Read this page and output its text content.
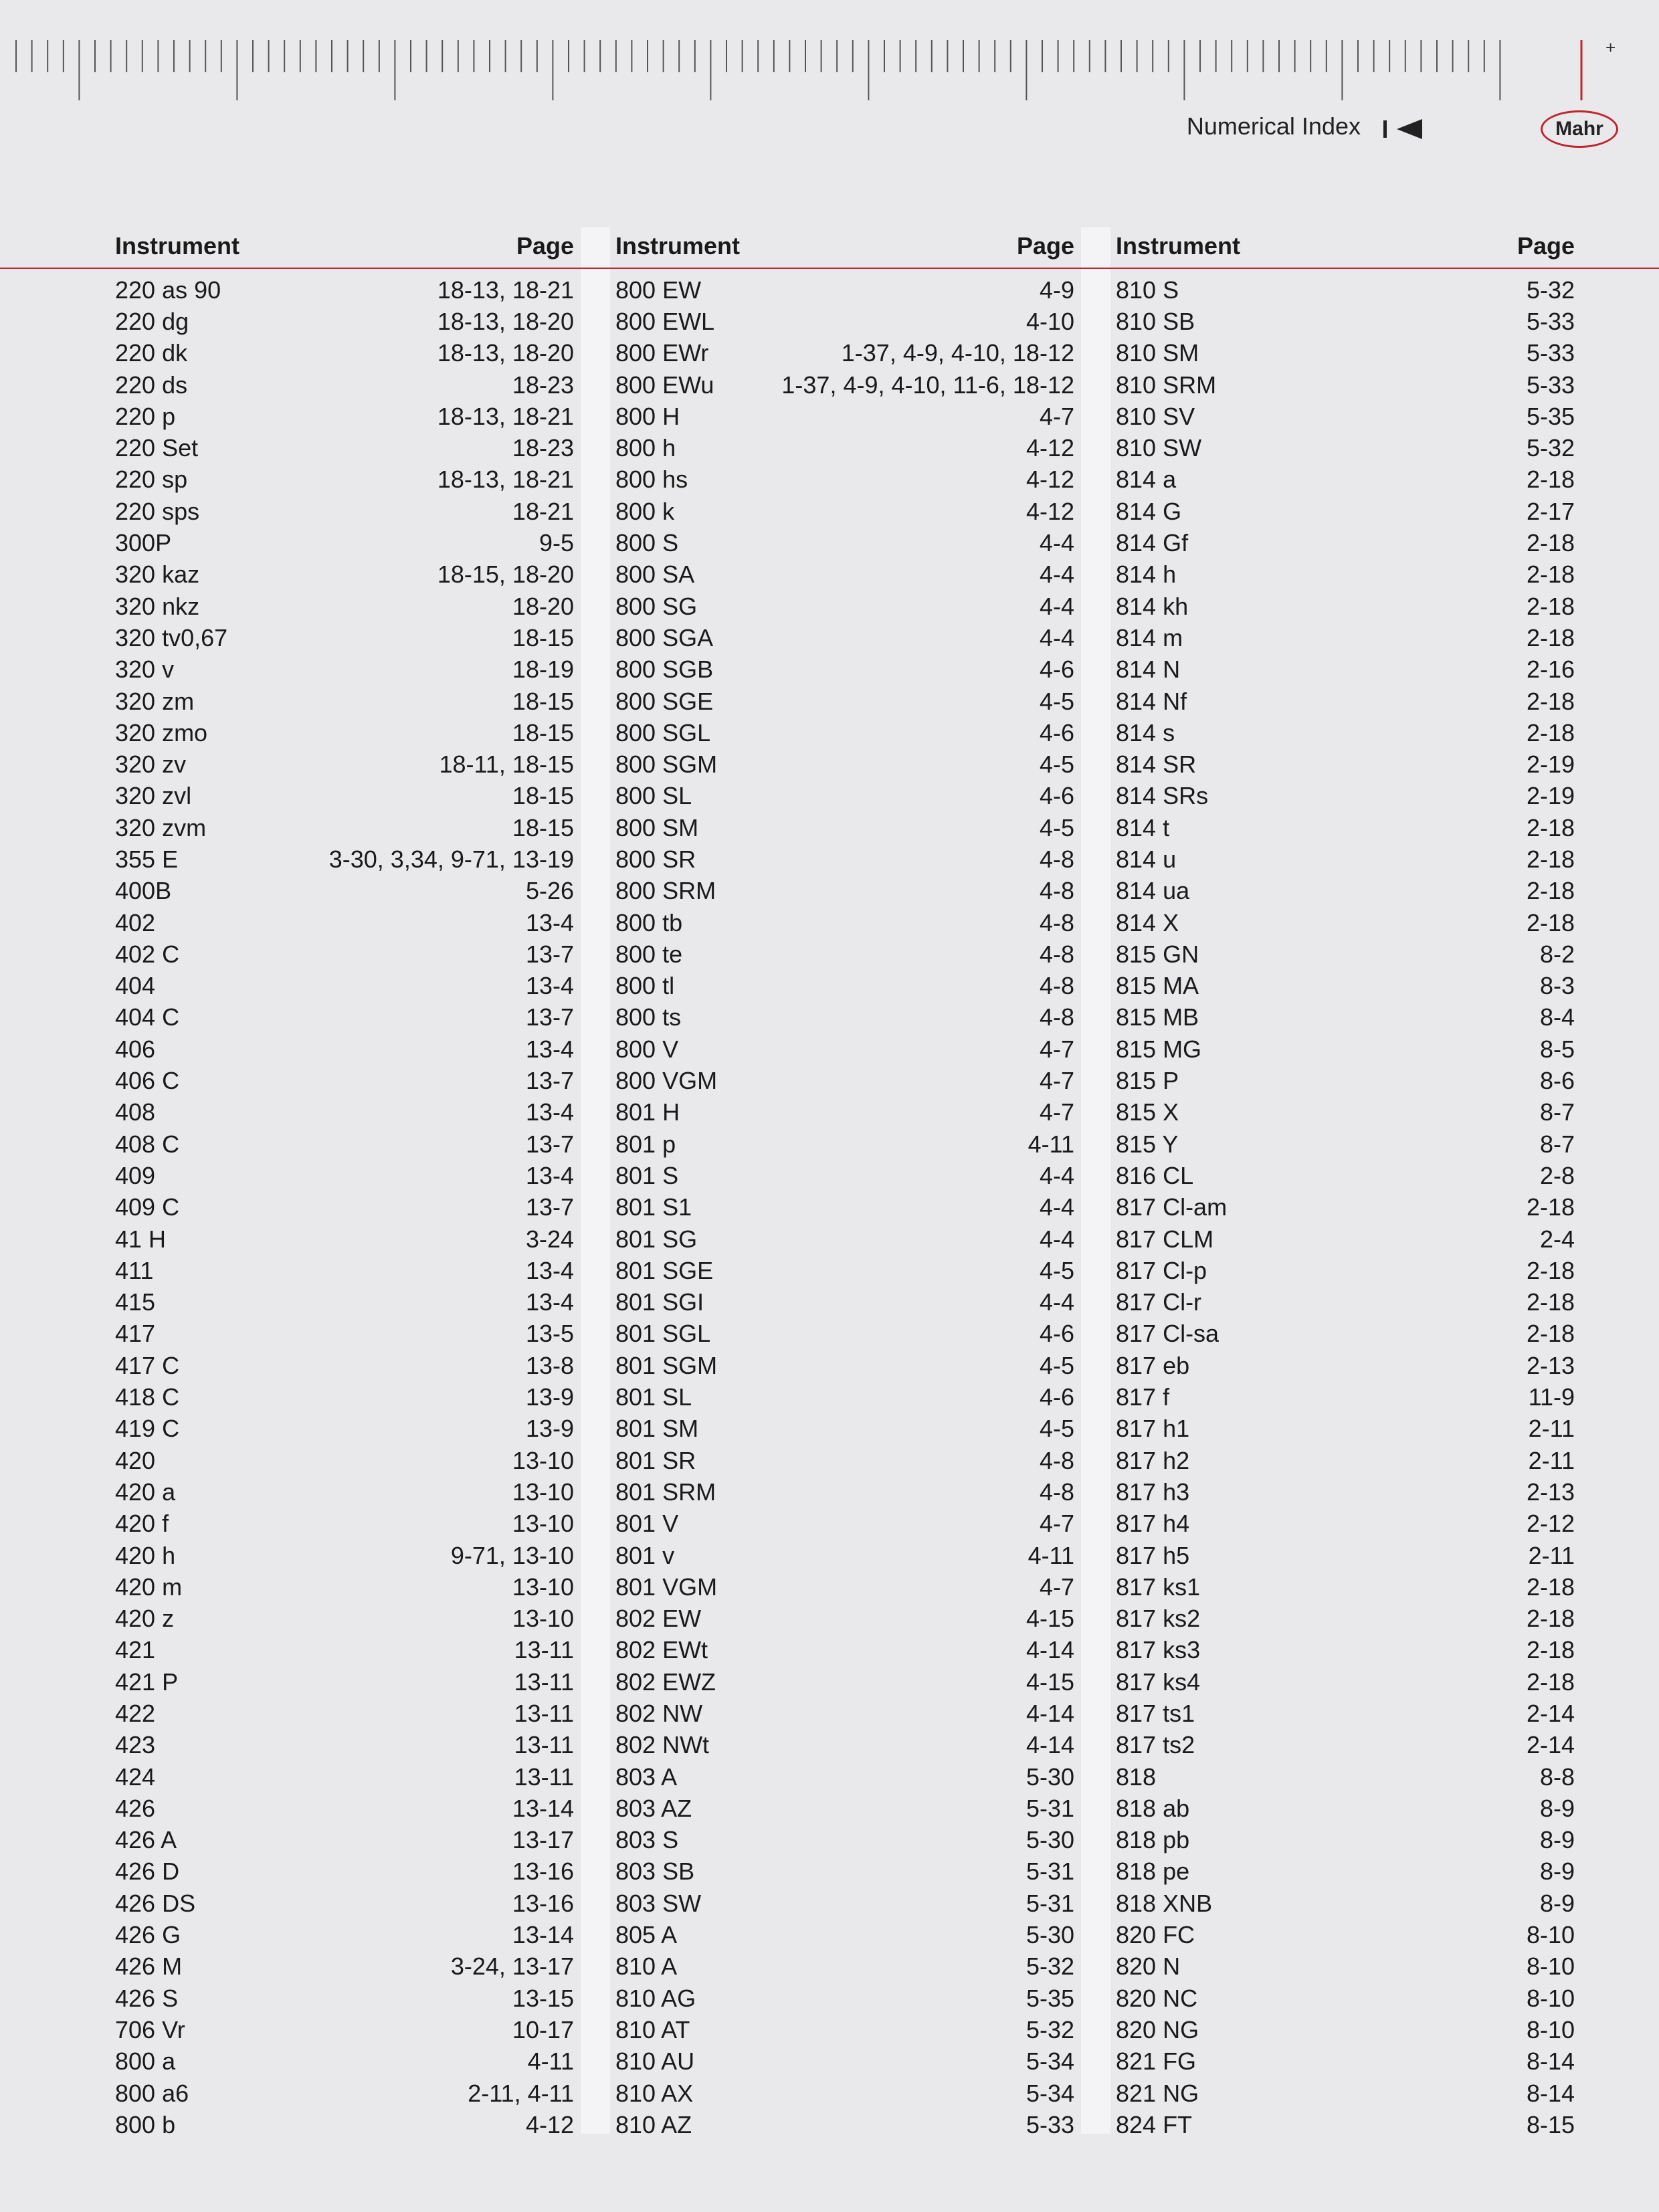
+
Numerical Index	Mahr
Instrument	Page
220 as 90	18-13, 18-21
220 dg	18-13, 18-20
220 dk	18-13, 18-20
220 ds	18-23
220 p	18-13, 18-21
220 Set	18-23
220 sp	18-13, 18-21
220 sps	18-21
300P	9-5
320 kaz	18-15, 18-20
320 nkz	18-20
320 tv0,67	18-15
320 v	18-19
320 zm	18-15
320 zmo	18-15
320 zv	18-11, 18-15
320 zvl	18-15
320 zvm	18-15
355 E	3-30, 3,34, 9-71, 13-19
400B	5-26
402	13-4
402 C	13-7
404	13-4
404 C	13-7
406	13-4
406 C	13-7
408	13-4
408 C	13-7
409	13-4
409 C	13-7
41 H	3-24
411	13-4
415	13-4
417	13-5
417 C	13-8
418 C	13-9
419 C	13-9
420	13-10
420 a	13-10
420 f	13-10
420 h	9-71, 13-10
420 m	13-10
420 z	13-10
421	13-11
421 P	13-11
422	13-11
423	13-11
424	13-11
426	13-14
426 A	13-17
426 D	13-16
426 DS	13-16
426 G	13-14
426 M	3-24, 13-17
426 S	13-15
706 Vr	10-17
800 a	4-11
800 a6	2-11, 4-11
800 b	4-12
Instrument	Page
800 EW	4-9
800 EWL	4-10
800 EWr	1-37, 4-9, 4-10, 18-12
800 EWu	1-37, 4-9, 4-10, 11-6, 18-12
800 H	4-7
800 h	4-12
800 hs	4-12
800 k	4-12
800 S	4-4
800 SA	4-4
800 SG	4-4
800 SGA	4-4
800 SGB	4-6
800 SGE	4-5
800 SGL	4-6
800 SGM	4-5
800 SL	4-6
800 SM	4-5
800 SR	4-8
800 SRM	4-8
800 tb	4-8
800 te	4-8
800 tl	4-8
800 ts	4-8
800 V	4-7
800 VGM	4-7
801 H	4-7
801 p	4-11
801 S	4-4
801 S1	4-4
801 SG	4-4
801 SGE	4-5
801 SGI	4-4
801 SGL	4-6
801 SGM	4-5
801 SL	4-6
801 SM	4-5
801 SR	4-8
801 SRM	4-8
801 V	4-7
801 v	4-11
801 VGM	4-7
802 EW	4-15
802 EWt	4-14
802 EWZ	4-15
802 NW	4-14
802 NWt	4-14
803 A	5-30
803 AZ	5-31
803 S	5-30
803 SB	5-31
803 SW	5-31
805 A	5-30
810 A	5-32
810 AG	5-35
810 AT	5-32
810 AU	5-34
810 AX	5-34
810 AZ	5-33
Instrument	Page
810 S	5-32
810 SB	5-33
810 SM	5-33
810 SRM	5-33
810 SV	5-35
810 SW	5-32
814 a	2-18
814 G	2-17
814 Gf	2-18
814 h	2-18
814 kh	2-18
814 m	2-18
814 N	2-16
814 Nf	2-18
814 s	2-18
814 SR	2-19
814 SRs	2-19
814 t	2-18
814 u	2-18
814 ua	2-18
814 X	2-18
815 GN	8-2
815 MA	8-3
815 MB	8-4
815 MG	8-5
815 P	8-6
815 X	8-7
815 Y	8-7
816 CL	2-8
817 Cl-am	2-18
817 CLM	2-4
817 Cl-p	2-18
817 Cl-r	2-18
817 Cl-sa	2-18
817 eb	2-13
817 f	11-9
817 h1	2-11
817 h2	2-11
817 h3	2-13
817 h4	2-12
817 h5	2-11
817 ks1	2-18
817 ks2	2-18
817 ks3	2-18
817 ks4	2-18
817 ts1	2-14
817 ts2	2-14
818	8-8
818 ab	8-9
818 pb	8-9
818 pe	8-9
818 XNB	8-9
820 FC	8-10
820 N	8-10
820 NC	8-10
820 NG	8-10
821 FG	8-14
821 NG	8-14
824 FT	8-15
